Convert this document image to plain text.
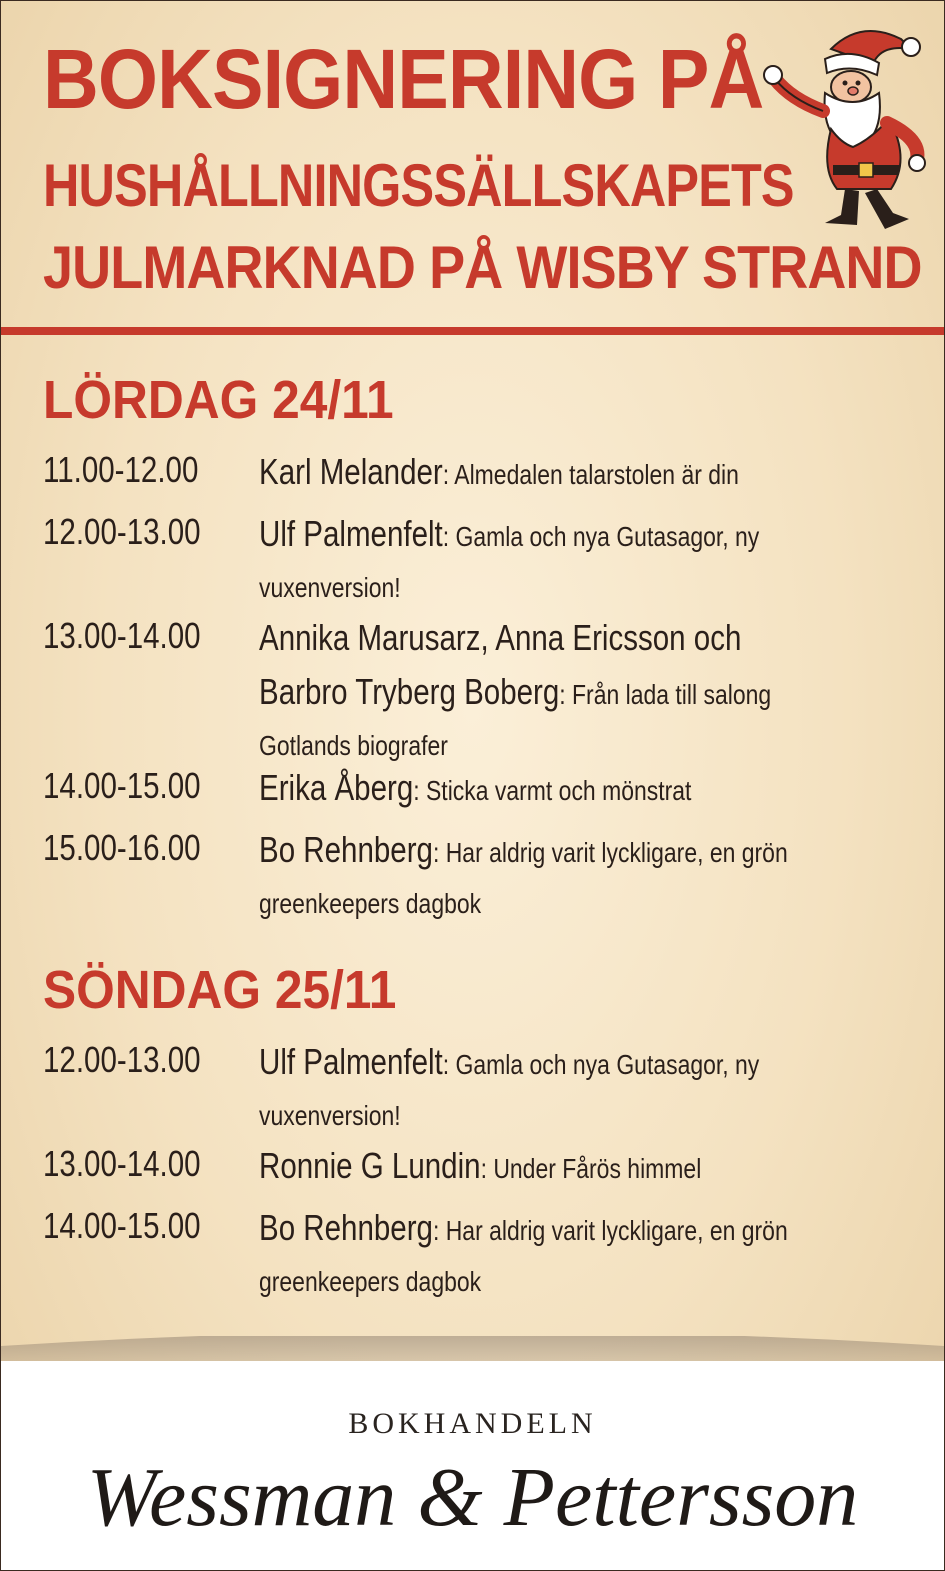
BOKSIGNERING PÅ
HUSHÅLLNINGSSÄLLSKAPETS
JULMARKNAD PÅ WISBY STRAND
LÖRDAG 24/11
11.00-12.00 Karl Melander: Almedalen talarstolen är din
12.00-13.00 Ulf Palmenfelt: Gamla och nya Gutasagor, ny vuxenversion!
13.00-14.00 Annika Marusarz, Anna Ericsson och Barbro Tryberg Boberg: Från lada till salong Gotlands biografer
14.00-15.00 Erika Åberg: Sticka varmt och mönstrat
15.00-16.00 Bo Rehnberg: Har aldrig varit lyckligare, en grön greenkeepers dagbok
SÖNDAG 25/11
12.00-13.00 Ulf Palmenfelt: Gamla och nya Gutasagor, ny vuxenversion!
13.00-14.00 Ronnie G Lundin: Under Fårös himmel
14.00-15.00 Bo Rehnberg: Har aldrig varit lyckligare, en grön greenkeepers dagbok
BOKHANDELN
Wessman & Pettersson
